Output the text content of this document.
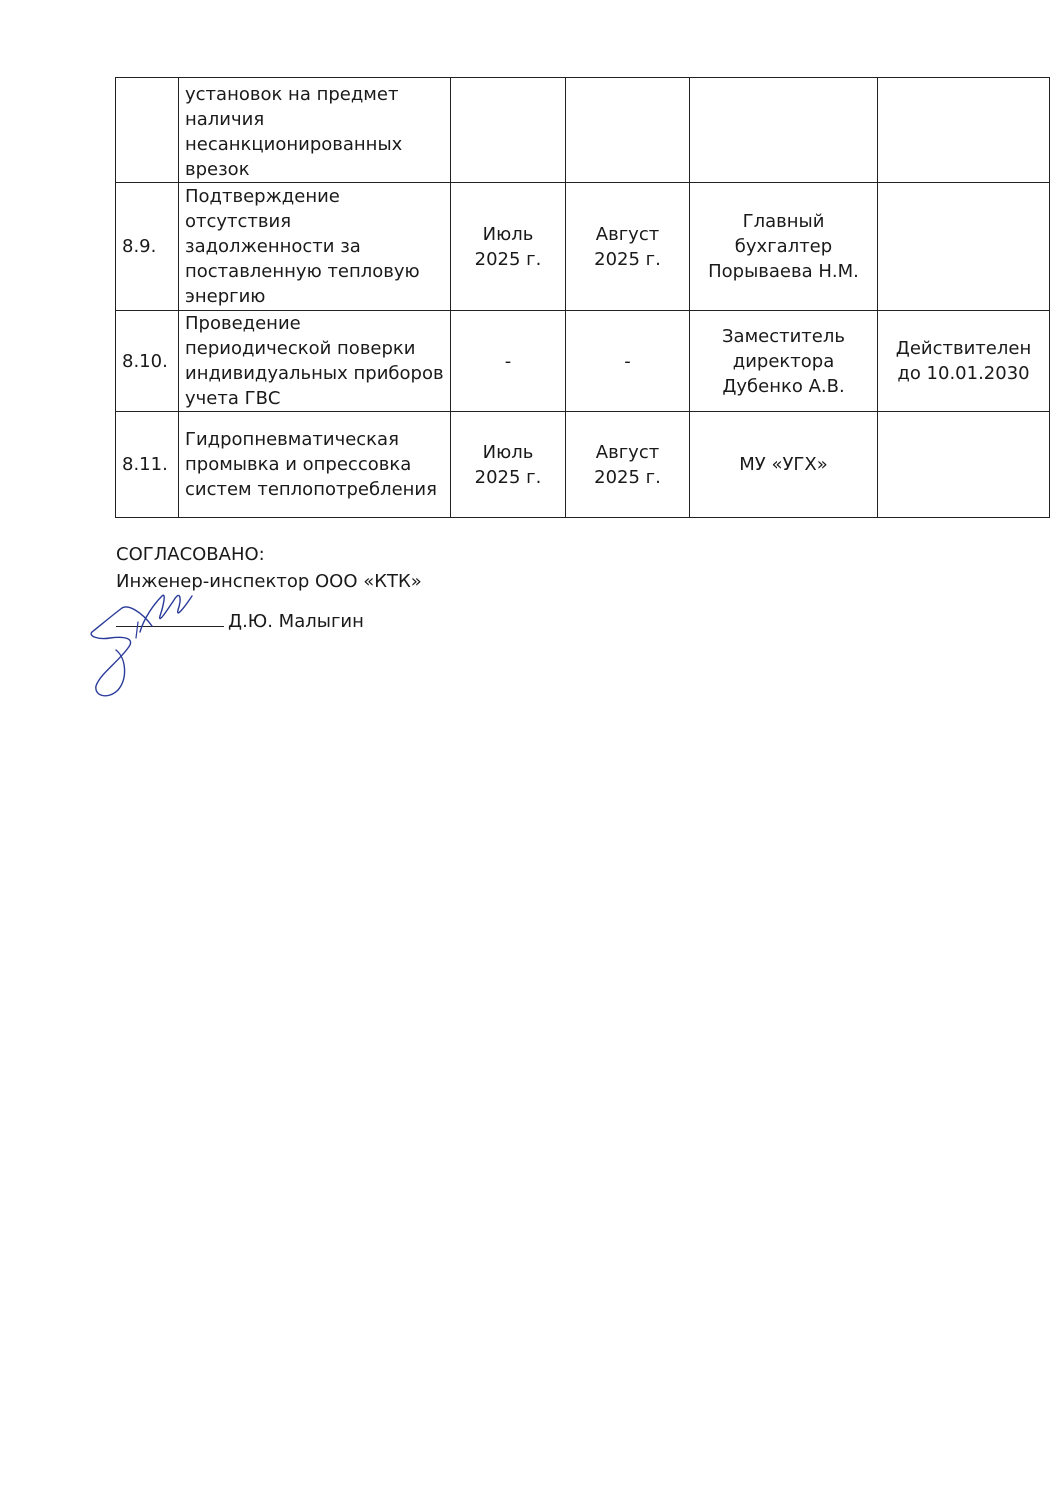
	установок на предмет наличия несанкционированных врезок				
8.9.	Подтверждение отсутствия задолженности за поставленную тепловую энергию	Июль 2025 г.	Август 2025 г.	Главный бухгалтер Порываева Н.М.	
8.10.	Проведение периодической поверки индивидуальных приборов учета ГВС	-	-	Заместитель директора Дубенко А.В.	Действителен до 10.01.2030
8.11.	Гидропневматическая промывка и опрессовка систем теплопотребления	Июль 2025 г.	Август 2025 г.	МУ «УГХ»	
СОГЛАСОВАНО:
Инженер-инспектор ООО «КТК»
Д.Ю. Малыгин
